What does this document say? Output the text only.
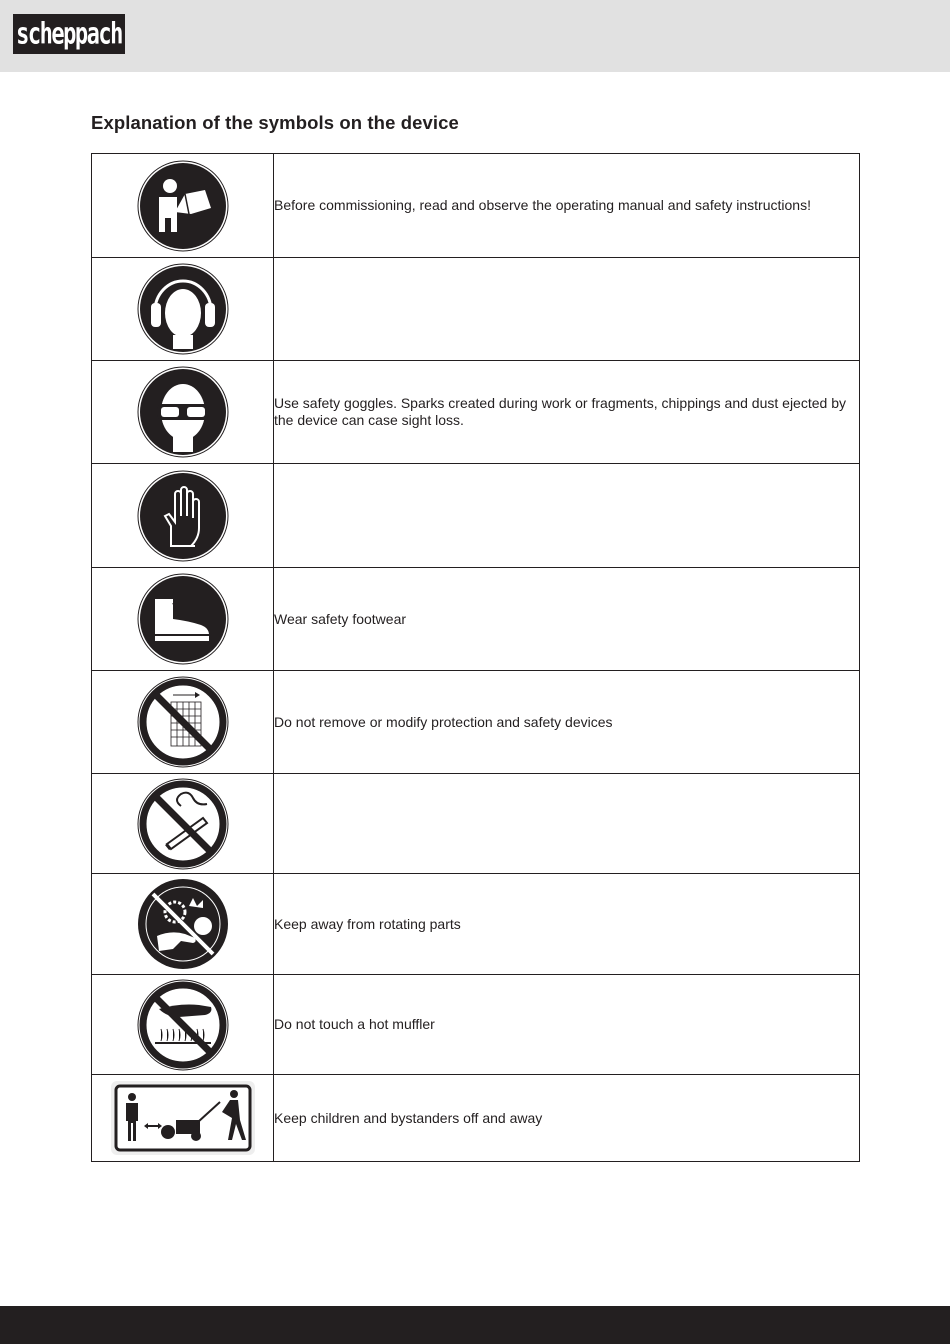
scheppach
Explanation of the symbols on the device
	Before commissioning, read and observe the operating manual and safety instructions!

	Use safety goggles. Sparks created during work or fragments, chippings and dust ejected by the device can case sight loss.

	Wear safety footwear

	Do not remove or modify protection and safety devices

	Keep away from rotating parts

	Do not touch a hot muffler

	Keep children and bystanders off and away
